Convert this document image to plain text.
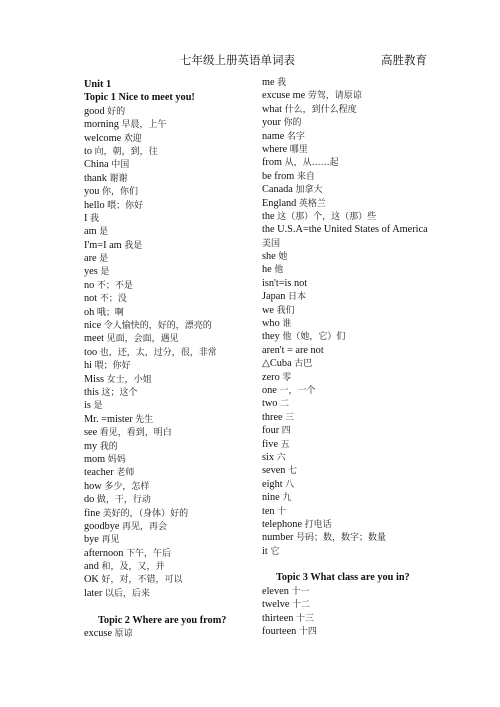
七年级上册英语单词表	高胜教育
Unit 1
Topic 1 Nice to meet you!
good 好的
morning 早晨，上午
welcome 欢迎
to 向，朝，到，往
China 中国
thank 谢谢
you 你，你们
hello 喂；你好
I 我
am 是
I'm=I am 我是
are 是
yes 是
no 不；不是
not 不；没
oh 哦；啊
nice 令人愉快的，好的，漂亮的
meet 见面，会面，遇见
too 也，还，太，过分，很，非常
hi 喂；你好
Miss 女士，小姐
this 这；这个
is 是
Mr. =mister 先生
see 看见，看到，明白
my 我的
mom 妈妈
teacher 老师
how 多少，怎样
do 做，干，行动
fine 美好的，（身体）好的
goodbye 再见，再会
bye 再见
afternoon 下午，午后
and 和，及，又，并
OK 好，对，不错，可以
later 以后，后来
Topic 2 Where are you from?
excuse 原谅
me 我
excuse me 劳驾，请原谅
what 什么，到什么程度
your 你的
name 名字
where 哪里
from 从，从……起
be from 来自
Canada 加拿大
England 英格兰
the 这（那）个，这（那）些
the U.S.A=the United States of America
美国
she 她
he 他
isn't=is not
Japan 日本
we 我们
who 谁
they 他（她，它）们
aren't = are not
△Cuba 古巴
zero 零
one 一，一个
two 二
three 三
four 四
five 五
six 六
seven 七
eight 八
nine 九
ten 十
telephone 打电话
number 号码；数，数字；数量
it 它
Topic 3 What class are you in?
eleven 十一
twelve 十二
thirteen 十三
fourteen 十四
